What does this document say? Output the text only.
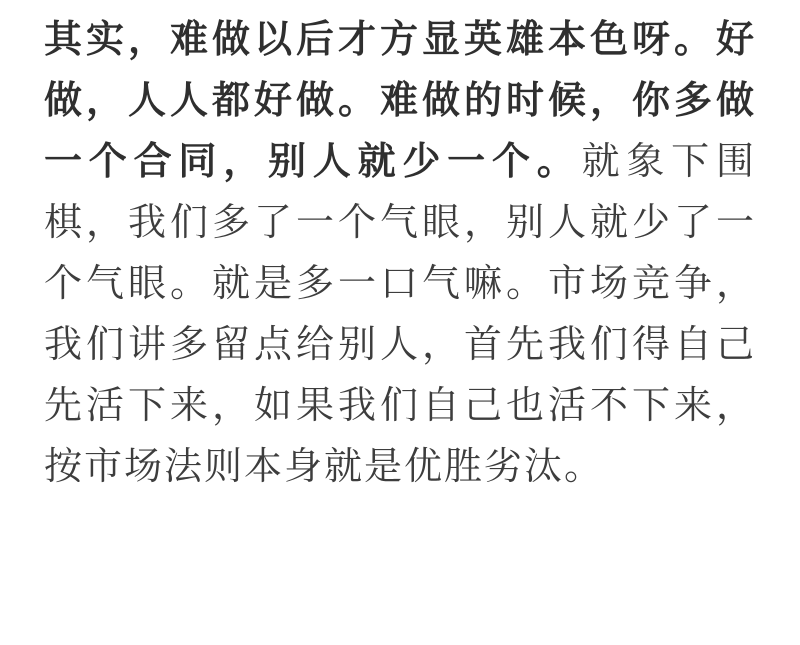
其实，难做以后才方显英雄本色呀。好做，人人都好做。难做的时候，你多做一个合同，别人就少一个。就象下围棋，我们多了一个气眼，别人就少了一个气眼。就是多一口气嘛。市场竞争，我们讲多留点给别人，首先我们得自己先活下来，如果我们自己也活不下来，按市场法则本身就是优胜劣汰。
